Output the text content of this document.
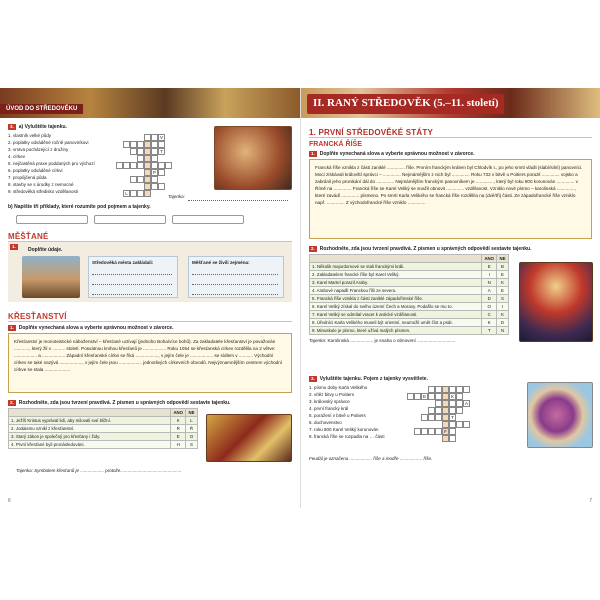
ÚVOD DO STŘEDOVĚKU
3.	a) Vyluštěte tajenku.
1. vlastník velké půdy
2. poplatky odváděné ročně panovníkovi
3. vrstva pocházející z družiny
4. církev
5. nejčastěná praxe poddaných pro výchozí
6. poplatky odváděné církvi
7. propůjčená půda
8. stavby se s úrodky z nemocné
9. středověká středisko vzdělanosti
V
T
P
L
Tajenka:
b) Napište tři příklady, které rozumíte pod pojmem a tajenky.
MĚŠŤANÉ
1.
Doplňte údaje.
Středověká města zakládali:	Měšťané se živili zejména:
KŘESŤANSTVÍ
1.	Doplňte vynechaná slova a vyberte správnou možnost v závorce.
Křesťanství je monoteistické náboženství – křesťané uctívají (jednoho Boha/více bohů). Za zakladatele křesťanství je považován ............, který žil v .......... století. Posvátnou knihou křesťanů je .................. Roku 1054 se křesťanská církev rozdělila na 2 větve: .................. a .................. Západní křesťanské církvi se říká .................., v jejím čele je .................. se sídlem v ........... Východní církev se také nazývá .................., v jejím čele jsou .................. jednotlivých církevních obvodů. Nejvýznamnějším centrem východní církve se stala ....................
2.	Rozhodněte, zda jsou tvrzení pravdivá. Z písmen u správných odpovědí sestavte tajenku.
	ANO	NE
1. Ježíš Kristus vyprával lidi, aby milovali své bližní.	K	L
2. Jodaismu vznikl z křesťanství.	R	Ř
3. Starý zákon je společný pro křesťany i židy.	E	O
4. První křesťané byli pronásledováni.	H	S
Tajenka: Symbolem křesťanů je ................... protože.................................................
6
II. RANÝ STŘEDOVĚK (5.–11. století)
1. PRVNÍ STŘEDOVĚKÉ STÁTY
FRANCKÁ ŘÍŠE
1.	Doplňte vynechaná slova a vyberte správnou možnost v závorce.
Francká říše vznikla z části zaniklé .............. říše. Prvním franckým králem byl Chlodvík I., po jeho smrti vládli (slabí/silní) panovníci. Moci získávali královští správci – .............. Nejmámějším z nich byl .............. Roku 732 v bitvě u Poitiers porazil .............. vojsko a zabránil jeho pronikání dál do .............. Nejmámějším franckým panovníkem je .............., který byl roku 800 korunován .............. v Římě na .............. Francká říše se Karel Veliký se snažil obnovit .............. vzdělanost. Vzniklo nové písmo – karolinská .............., které zavádí .............. písmeno. Po smrti Karla Velikého se francká říše rozdělila na (dvě/tři) části. Ze západofrancké říše vzniklo např. .............. Z východofrancké říše vzniklo ..............
2.	Rozhodněte, zda jsou tvrzení pravdivá. Z písmen u správných odpovědí sestavte tajenku.
	ANO	NE
1. Několik majordomové se stali franckými králi.	E	B
2. Zakladatelem francké říše byl Karel Veliký.	I	E
3. Karel Martel porazil Araby.	N	K
4. Arabové napadli Franckou říši ze severu.	A	E
5. Francká říše vznikla z části zaniklé západořímské říše.	D	S
6. Karel Veliký získal do svého území Čech a Moravy. Podařilo se mu to.	O	I
7. Karel Veliký se odmítal vracet k antické vzdělanosti.	C	K
8. Úředníci Karla Velikého museli být orientní, neumožil umět číst a psát.	K	D
9. Minuskule je písmo, které užívá malých písmen.	T	N
Tajenka: Karolinská .................. je snaha o obnovení ..............................
3.	Vyluštěte tajenku. Pojem z tajenky vysvětlete.
1. písmo doby Karla Velikého
2. vítěz bitvy u Poitiers
3. královský správce
4. první francký král
5. poražení v bitvě u Poitiers
6. duchovenstvo
7. roku 800 Karel Veliký korunován
8. francká říše se rozpadla na … části
E	K
A
T
F
Feudál je označena .................. říše a modře .................. říše.
7
